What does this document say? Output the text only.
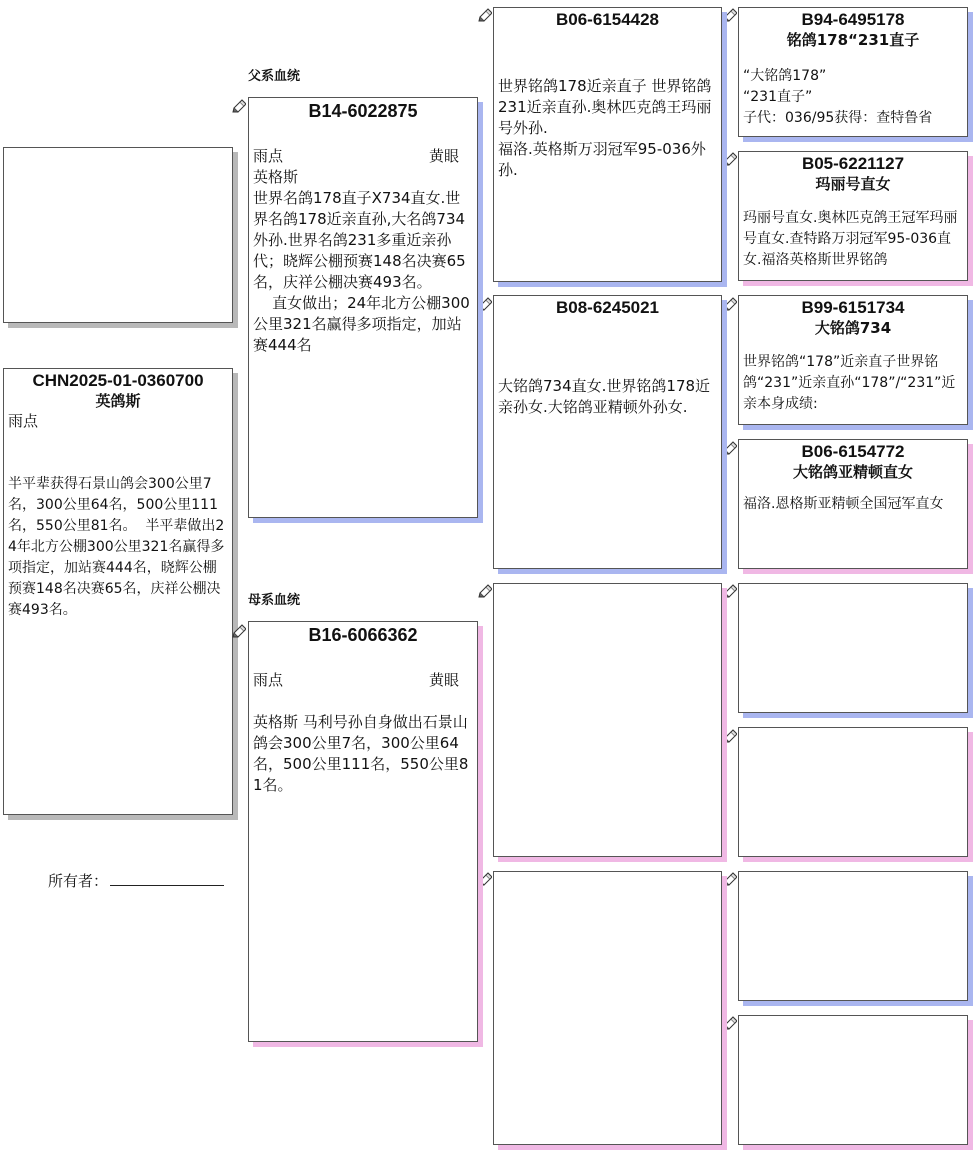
CHN2025-01-0360700
英鸽斯
雨点
半平辈获得石景山鸽会300公里7名，300公里64名，500公里111名，550公里81名。  半平辈做出24年北方公棚300公里321名赢得多项指定，加站赛444名，晓辉公棚预赛148名决赛65名，庆祥公棚决赛493名。
所有者：
父系血统
母系血统
B14-6022875
雨点	黄眼
英格斯
世界名鸽178直子X734直女.世界名鸽178近亲直孙,大名鸽734外孙.世界名鸽231多重近亲孙代；晓辉公棚预赛148名决赛65名，庆祥公棚决赛493名。
直女做出；24年北方公棚300公里321名赢得多项指定，加站赛444名
B16-6066362
雨点	黄眼
英格斯 马利号孙自身做出石景山鸽会300公里7名，300公里64名，500公里111名，550公里81名。
B06-6154428
世界铭鸽178近亲直子 世界铭鸽231近亲直孙.奥林匹克鸽王玛丽号外孙.
福洛.英格斯万羽冠军95-036外孙.
B08-6245021
大铭鸽734直女.世界铭鸽178近亲孙女.大铭鸽亚精顿外孙女.
B94-6495178
铭鸽178“231直子
“大铭鸽178”
“231直子”
子代：036/95获得：查特鲁省
B05-6221127
玛丽号直女
玛丽号直女.奥林匹克鸽王冠军玛丽号直女.查特路万羽冠军95-036直女.福洛英格斯世界铭鸽
B99-6151734
大铭鸽734
世界铭鸽“178”近亲直子世界铭鸽“231”近亲直孙“178”/“231”近亲本身成绩:
B06-6154772
大铭鸽亚精顿直女
福洛.恩格斯亚精顿全国冠军直女
